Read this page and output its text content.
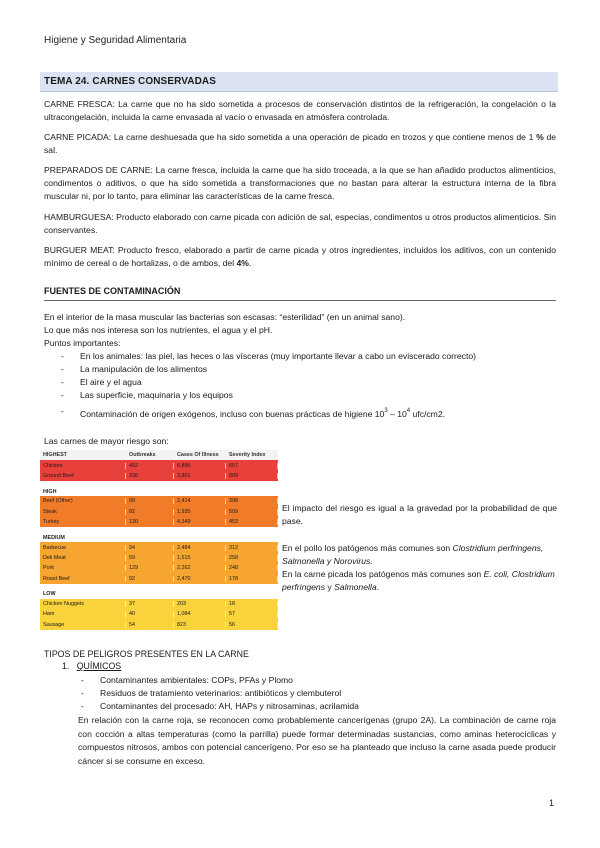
Higiene y Seguridad Alimentaria
TEMA 24. CARNES CONSERVADAS
CARNE FRESCA: La carne que no ha sido sometida a procesos de conservación distintos de la refrigeración, la congelación o la ultracongelación, incluida la carne envasada al vacío o envasada en atmósfera controlada.
CARNE PICADA: La carne deshuesada que ha sido sometida a una operación de picado en trozos y que contiene menos de 1 % de sal.
PREPARADOS DE CARNE: La carne fresca, incluida la carne que ha sido troceada, a la que se han añadido productos alimenticios, condimentos o aditivos, o que ha sido sometida a transformaciones que no bastan para alterar la estructura interna de la fibra muscular ni, por lo tanto, para eliminar las características de la carne fresca.
HAMBURGUESA: Producto elaborado con carne picada con adición de sal, especias, condimentos u otros productos alimenticios. Sin conservantes.
BURGUER MEAT: Producto fresco, elaborado a partir de carne picada y otros ingredientes, incluidos los aditivos, con un contenido mínimo de cereal o de hortalizas, o de ambos, del 4%.
FUENTES DE CONTAMINACIÓN
En el interior de la masa muscular las bacterias son escasas: “esterilidad” (en un animal sano).
Lo que más nos interesa son los nutrientes, el agua y el pH.
Puntos importantes:
- En los animales: las piel, las heces o las vísceras (muy importante llevar a cabo un eviscerado correcto)
- La manipulación de los alimentos
- El aire y el agua
- Las superficie, maquinaria y los equipos
- Contaminación de origen exógenos, incluso con buenas prácticas de higiene $10^3 - 10^4$ ufc/cm2.
Las carnes de mayor riesgo son:
HIGHEST	Outbreaks	Cases Of Illness	Severity Index
Chicken	452	6,896	657
Ground Beef	336	3,801	809
HIGH
Beef (Other)	99	2,414	398
Steak	82	1,935	509
Turkey	130	4,349	453
MEDIUM
Barbecue	94	2,484	312
Deli Meat	59	1,515	258
Pork	129	2,262	248
Roast Beef	92	2,470	178
LOW
Chicken Nuggets	37	203	18
Ham	40	1,084	57
Sausage	54	823	56
El impacto del riesgo es igual a la gravedad por la probabilidad de que pase.
En el pollo los patógenos más comunes son Clostridium perfringens, Salmonella y Norovirus.
En la carne picada los patógenos más comunes son E. coli, Clostridium perfringens y Salmonella.
TIPOS DE PELIGROS PRESENTES EN LA CARNE
1. QUÍMICOS
- Contaminantes ambientales: COPs, PFAs y Plomo
- Residuos de tratamiento veterinarios: antibióticos y clembuterol
- Contaminantes del procesado: AH, HAPs y nitrosaminas, acrilamida
En relación con la carne roja, se reconocen como probablemente cancerígenas (grupo 2A). La combinación de carne roja con cocción a altas temperaturas (como la parrilla) puede formar determinadas sustancias, como aminas heterocíclicas y compuestos nitrosos, ambos con potencial cancerígeno. Por eso se ha planteado que incluso la carne asada puede producir cáncer si se consume en exceso.
1
